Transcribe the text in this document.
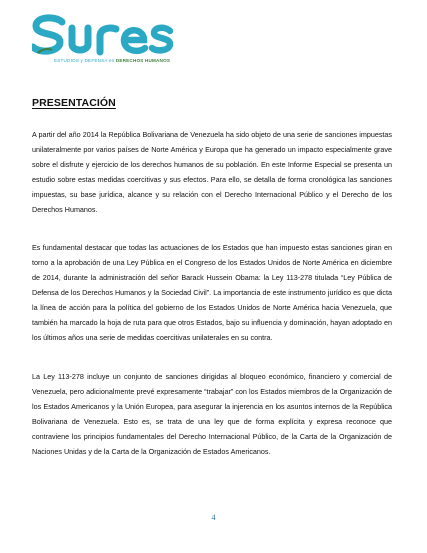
ESTUDIOS y DEFENSA en DERECHOS HUMANOS
PRESENTACIÓN

A partir del año 2014 la República Bolivariana de Venezuela ha sido objeto de una serie de sanciones impuestas unilateralmente por varios países de Norte América y Europa que ha generado un impacto especialmente grave sobre el disfrute y ejercicio de los derechos humanos de su población. En este Informe Especial se presenta un estudio sobre estas medidas coercitivas y sus efectos. Para ello, se detalla de forma cronológica las sanciones impuestas, su base jurídica, alcance y su relación con el Derecho Internacional Público y el Derecho de los Derechos Humanos.

Es fundamental destacar que todas las actuaciones de los Estados que han impuesto estas sanciones giran en torno a la aprobación de una Ley Pública en el Congreso de los Estados Unidos de Norte América en diciembre de 2014, durante la administración del señor Barack Hussein Obama: la Ley 113-278 titulada “Ley Pública de Defensa de los Derechos Humanos y la Sociedad Civil”. La importancia de este instrumento jurídico es que dicta la línea de acción para la política del gobierno de los Estados Unidos de Norte América hacia Venezuela, que también ha marcado la hoja de ruta para que otros Estados, bajo su influencia y dominación, hayan adoptado en los últimos años una serie de medidas coercitivas unilaterales en su contra.

La Ley 113-278 incluye un conjunto de sanciones dirigidas al bloqueo económico, financiero y comercial de Venezuela, pero adicionalmente prevé expresamente “trabajar” con los Estados miembros de la Organización de los Estados Americanos y la Unión Europea, para asegurar la injerencia en los asuntos internos de la República Bolivariana de Venezuela. Esto es, se trata de una ley que de forma explícita y expresa reconoce que contraviene los principios fundamentales del Derecho Internacional Público, de la Carta de la Organización de Naciones Unidas y de la Carta de la Organización de Estados Americanos.

4
